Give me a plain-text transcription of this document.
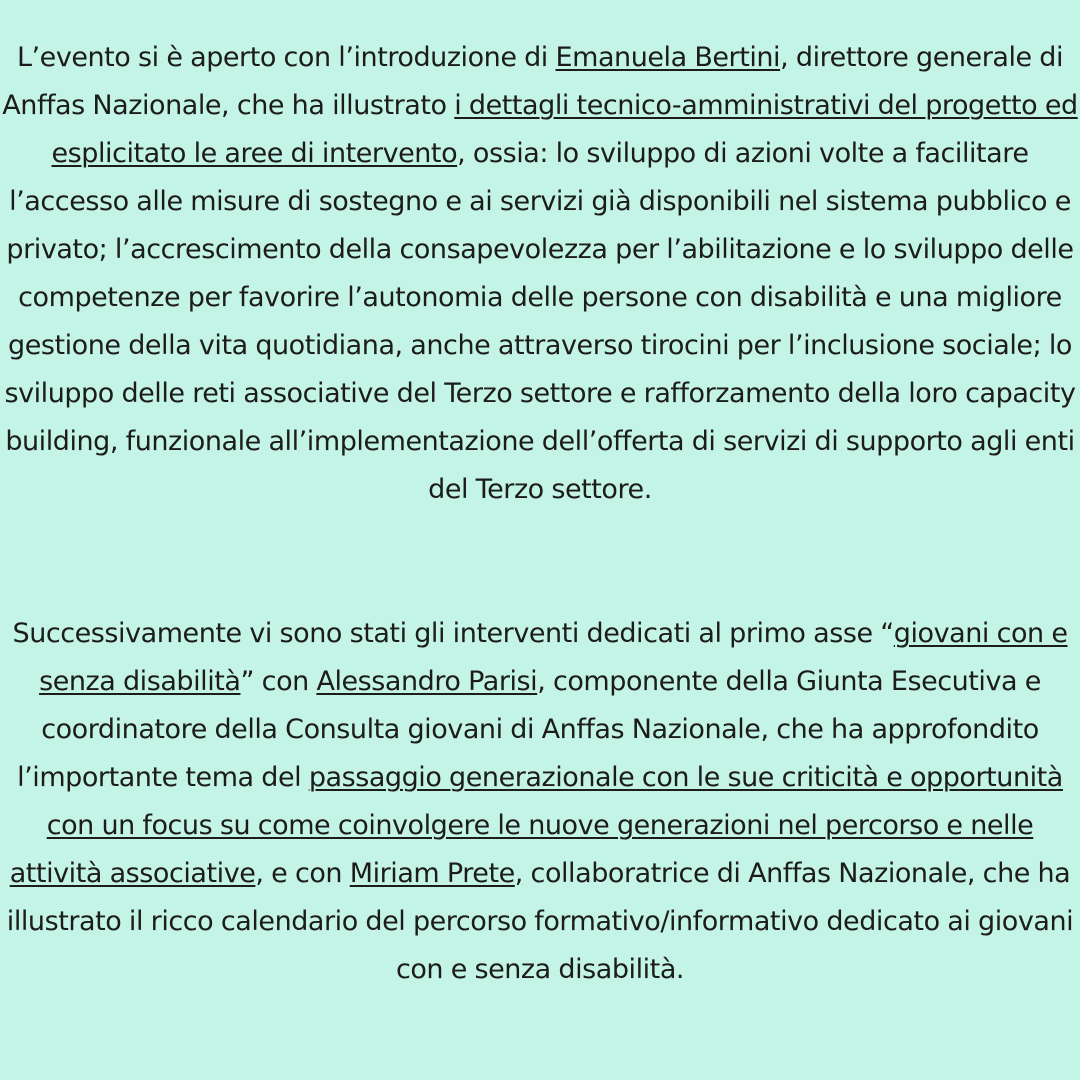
L’evento si è aperto con l’introduzione di Emanuela Bertini, direttore generale di Anffas Nazionale, che ha illustrato i dettagli tecnico-amministrativi del progetto ed esplicitato le aree di intervento, ossia: lo sviluppo di azioni volte a facilitare l’accesso alle misure di sostegno e ai servizi già disponibili nel sistema pubblico e privato; l’accrescimento della consapevolezza per l’abilitazione e lo sviluppo delle competenze per favorire l’autonomia delle persone con disabilità e una migliore gestione della vita quotidiana, anche attraverso tirocini per l’inclusione sociale; lo sviluppo delle reti associative del Terzo settore e rafforzamento della loro capacity building, funzionale all’implementazione dell’offerta di servizi di supporto agli enti del Terzo settore.

Successivamente vi sono stati gli interventi dedicati al primo asse “giovani con e senza disabilità” con Alessandro Parisi, componente della Giunta Esecutiva e coordinatore della Consulta giovani di Anffas Nazionale, che ha approfondito l’importante tema del passaggio generazionale con le sue criticità e opportunità con un focus su come coinvolgere le nuove generazioni nel percorso e nelle attività associative, e con Miriam Prete, collaboratrice di Anffas Nazionale, che ha illustrato il ricco calendario del percorso formativo/informativo dedicato ai giovani con e senza disabilità.
